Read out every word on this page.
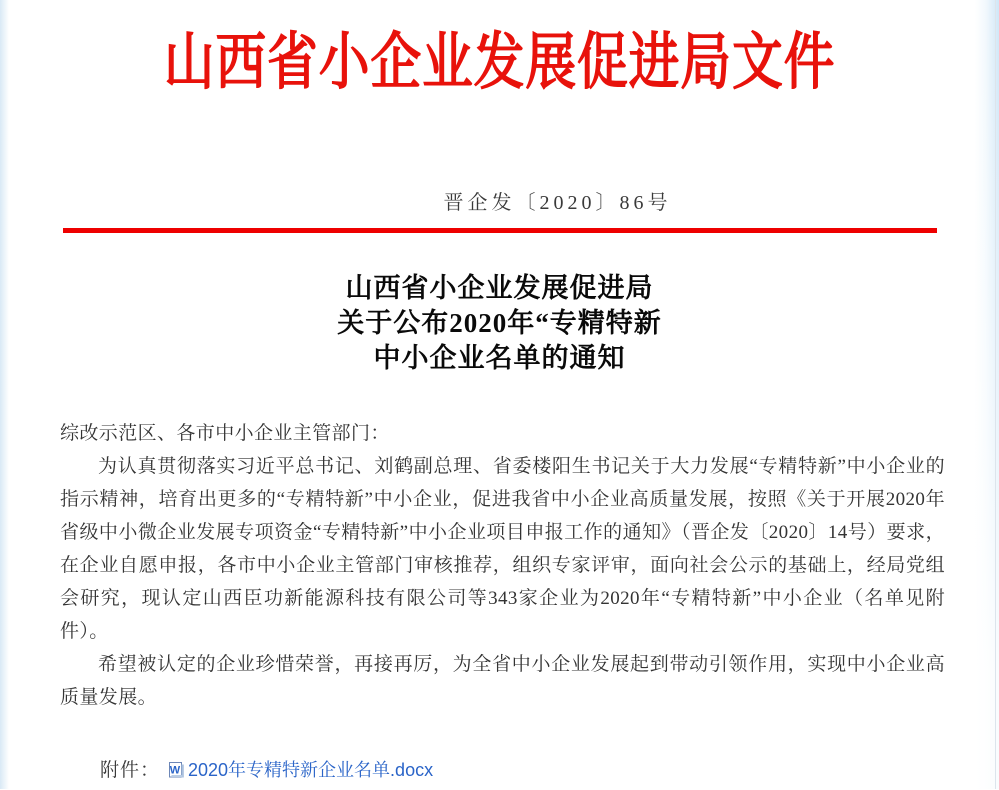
山西省小企业发展促进局文件
晋企发〔2020〕86号
山西省小企业发展促进局
关于公布2020年“专精特新
中小企业名单的通知
综改示范区、各市中小企业主管部门：

为认真贯彻落实习近平总书记、刘鹤副总理、省委楼阳生书记关于大力发展“专精特新”中小企业的指示精神，培育出更多的“专精特新”中小企业，促进我省中小企业高质量发展，按照《关于开展2020年省级中小微企业发展专项资金“专精特新”中小企业项目申报工作的通知》（晋企发〔2020〕14号）要求，在企业自愿申报，各市中小企业主管部门审核推荐，组织专家评审，面向社会公示的基础上，经局党组会研究，现认定山西臣功新能源科技有限公司等343家企业为2020年“专精特新”中小企业（名单见附件）。

希望被认定的企业珍惜荣誉，再接再厉，为全省中小企业发展起到带动引领作用，实现中小企业高质量发展。

附件： W 2020年专精特新企业名单.docx
